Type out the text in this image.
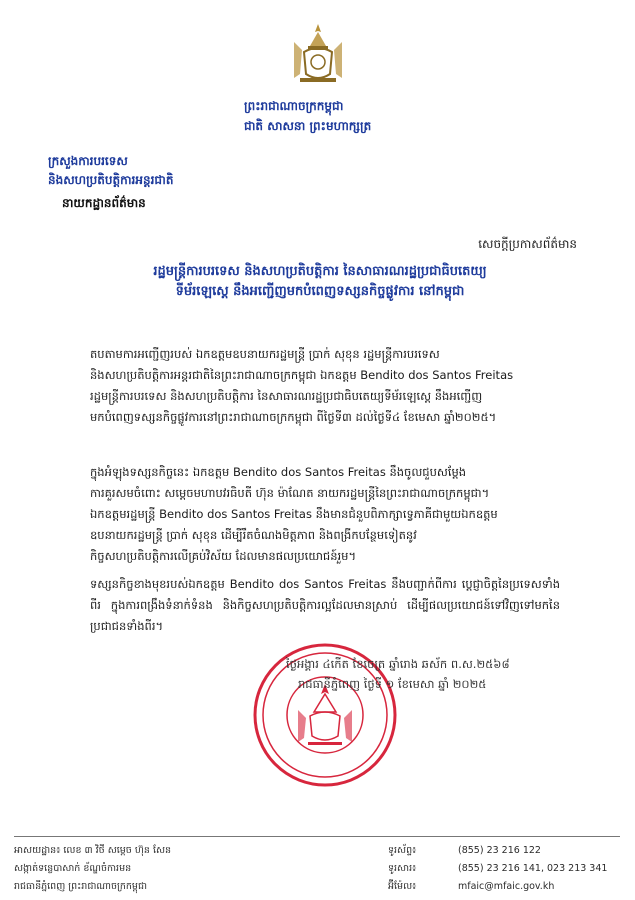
ព្រះរាជាណាចក្រកម្ពុជា
ជាតិ សាសនា ព្រះមហាក្សត្រ
ក្រសួងការបរទេស
និងសហប្រតិបត្តិការអន្តរជាតិ
នាយកដ្ឋានព័ត៌មាន
សេចក្តីប្រកាសព័ត៌មាន
រដ្ឋមន្ត្រីការបរទេស និងសហប្រតិបត្តិការ នៃសាធារណរដ្ឋប្រជាធិបតេយ្យ
ទីម័រឡេស្តេ នឹងអញ្ជើញមកបំពេញទស្សនកិច្ចផ្លូវការ នៅកម្ពុជា
តបតាមការអញ្ជើញរបស់ ឯកឧត្តមឧបនាយករដ្ឋមន្ត្រី ប្រាក់ សុខុន រដ្ឋមន្ត្រីការបរទេស
និងសហប្រតិបត្តិការអន្តរជាតិនៃព្រះរាជាណាចក្រកម្ពុជា ឯកឧត្តម Bendito dos Santos Freitas
រដ្ឋមន្ត្រីការបរទេស និងសហប្រតិបត្តិការ នៃសាធារណរដ្ឋប្រជាធិបតេយ្យទីម័រឡេស្តេ នឹងអញ្ជើញ
មកបំពេញទស្សនកិច្ចផ្លូវការនៅព្រះរាជាណាចក្រកម្ពុជា ពីថ្ងៃទី៣ ដល់ថ្ងៃទី៤ ខែមេសា ឆ្នាំ២០២៥។
ក្នុងអំឡុងទស្សនកិច្ចនេះ ឯកឧត្តម Bendito dos Santos Freitas នឹងចូលជួបសម្តែង
ការគួរសមចំពោះ សម្តេចមហាបវរធិបតី ហ៊ុន ម៉ាណែត នាយករដ្ឋមន្ត្រីនៃព្រះរាជាណាចក្រកម្ពុជា។
ឯកឧត្តមរដ្ឋមន្ត្រី Bendito dos Santos Freitas នឹងមានជំនួបពិភាក្សាទ្វេភាគីជាមួយឯកឧត្តម
ឧបនាយករដ្ឋមន្ត្រី ប្រាក់ សុខុន ដើម្បីរឹតចំណងមិត្តភាព និងពង្រីកបន្ថែមទៀតនូវ
កិច្ចសហប្រតិបត្តិការលើគ្រប់វិស័យ ដែលមានផលប្រយោជន៍រួម។
ទស្សនកិច្ចខាងមុខរបស់ឯកឧត្តម Bendito dos Santos Freitas នឹងបញ្ជាក់ពីការ ប្តេជ្ញាចិត្តនៃប្រទេសទាំងពីរ ក្នុងការពង្រឹងទំនាក់ទំនង និងកិច្ចសហប្រតិបត្តិការល្អដែលមានស្រាប់ ដើម្បីផលប្រយោជន៍ទៅវិញទៅមកនៃប្រជាជនទាំងពីរ។
ថ្ងៃអង្គារ ៤កើត ខែចេត្រ ឆ្នាំរោង ឆស័ក ព.ស.២៥៦៨
រាជធានីភ្នំពេញ ថ្ងៃទី ១ ខែមេសា ឆ្នាំ ២០២៥
អាសយដ្ឋាន៖ លេខ ៣ វិថី សម្តេច ហ៊ុន សែន
សង្កាត់ទន្លេបាសាក់ ខ័ណ្ឌចំការមន
រាជធានីភ្នំពេញ ព្រះរាជាណាចក្រកម្ពុជា
ទូរស័ព្ទ៖	(855) 23 216 122
ទូរសារ៖	(855) 23 216 141, 023 213 341
អ៊ីម៉ែល៖	mfaic@mfaic.gov.kh
